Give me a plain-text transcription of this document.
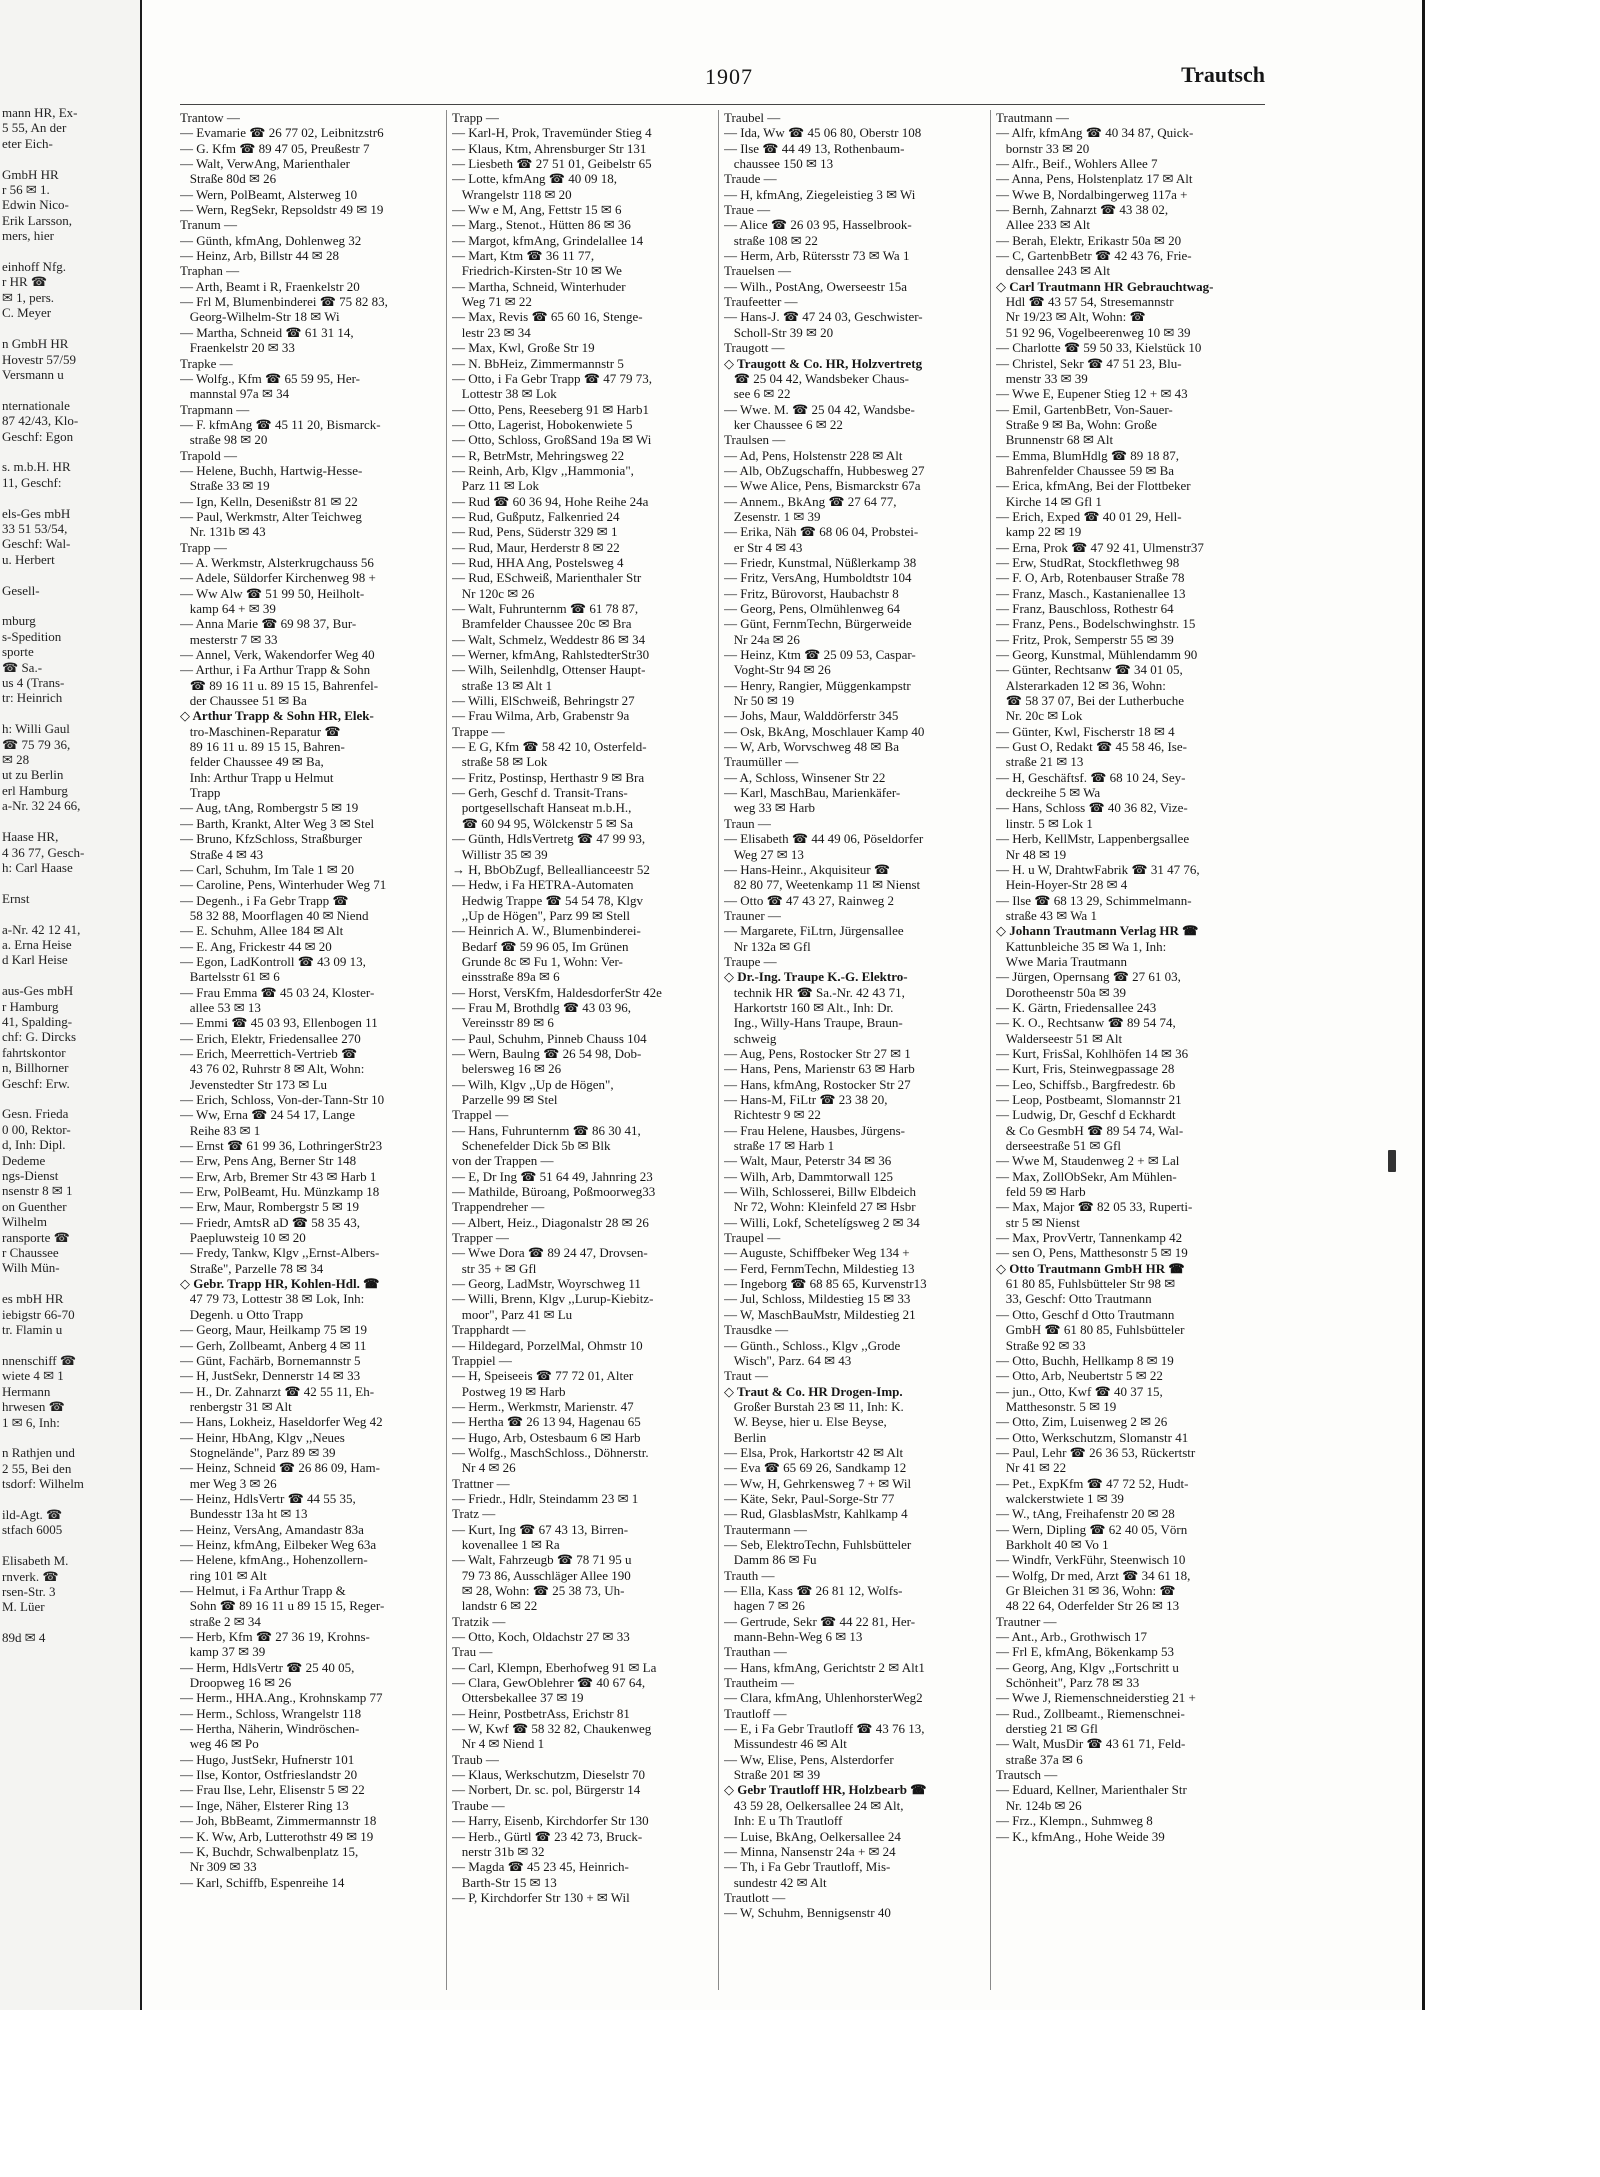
mann HR, Ex-
5 55, An der
eter Eich-

GmbH HR
r 56 ✉ 1.
Edwin Nico-
Erik Larsson,
mers, hier

einhoff Nfg.
r HR ☎
✉ 1, pers.
C. Meyer

n GmbH HR
Hovestr 57/59
Versmann u

nternationale
87 42/43, Klo-
Geschf: Egon

s. m.b.H. HR
11, Geschf:

els-Ges mbH
33 51 53/54,
Geschf: Wal-
u. Herbert

Gesell-

mburg
s-Spedition
sporte
☎ Sa.-
us 4 (Trans-
tr: Heinrich

h: Willi Gaul
☎ 75 79 36,
✉ 28
ut zu Berlin
erl Hamburg
a-Nr. 32 24 66,

Haase HR,
4 36 77, Gesch-
h: Carl Haase

Ernst

a-Nr. 42 12 41,
a. Erna Heise
d Karl Heise

aus-Ges mbH
r Hamburg
41, Spalding-
chf: G. Dircks
fahrtskontor
n, Billhorner
Geschf: Erw.

Gesn. Frieda
0 00, Rektor-
d, Inh: Dipl.
Dedeme
ngs-Dienst
nsenstr 8 ✉ 1
on Guenther
Wilhelm
ransporte ☎
r Chaussee
Wilh Mün-

es mbH HR
iebigstr 66-70
tr. Flamin u

nnenschiff ☎
wiete 4 ✉ 1
Hermann
hrwesen ☎
1 ✉ 6, Inh:

n Rathjen und
2 55, Bei den
tsdorf: Wilhelm

ild-Agt. ☎
stfach 6005

Elisabeth M.
rnverk. ☎
rsen-Str. 3
M. Lüer

89d ✉ 4
1907	Trautsch
Trantow —
— Evamarie ☎ 26 77 02, Leibnitzstr6
— G. Kfm ☎ 89 47 05, Preußestr 7
— Walt, VerwAng, Marienthaler
Straße 80d ✉ 26
— Wern, PolBeamt, Alsterweg 10
— Wern, RegSekr, Repsoldstr 49 ✉ 19
Tranum —
— Günth, kfmAng, Dohlenweg 32
— Heinz, Arb, Billstr 44 ✉ 28
Traphan —
— Arth, Beamt i R, Fraenkelstr 20
— Frl M, Blumenbinderei ☎ 75 82 83,
Georg-Wilhelm-Str 18 ✉ Wi
— Martha, Schneid ☎ 61 31 14,
Fraenkelstr 20 ✉ 33
Trapke —
— Wolfg., Kfm ☎ 65 59 95, Her-
mannstal 97a ✉ 34
Trapmann —
— F. kfmAng ☎ 45 11 20, Bismarck-
straße 98 ✉ 20
Trapold —
— Helene, Buchh, Hartwig-Hesse-
Straße 33 ✉ 19
— Ign, Kelln, Desenißstr 81 ✉ 22
— Paul, Werkmstr, Alter Teichweg
Nr. 131b ✉ 43
Trapp —
— A. Werkmstr, Alsterkrugchauss 56
— Adele, Süldorfer Kirchenweg 98 +
— Ww Alw ☎ 51 99 50, Heilholt-
kamp 64 + ✉ 39
— Anna Marie ☎ 69 98 37, Bur-
mesterstr 7 ✉ 33
— Annel, Verk, Wakendorfer Weg 40
— Arthur, i Fa Arthur Trapp & Sohn
☎ 89 16 11 u. 89 15 15, Bahrenfel-
der Chaussee 51 ✉ Ba
◇ Arthur Trapp & Sohn HR, Elek-
tro-Maschinen-Reparatur ☎
89 16 11 u. 89 15 15, Bahren-
felder Chaussee 49 ✉ Ba,
Inh: Arthur Trapp u Helmut
Trapp
— Aug, tAng, Rombergstr 5 ✉ 19
— Barth, Krankt, Alter Weg 3 ✉ Stel
— Bruno, KfzSchloss, Straßburger
Straße 4 ✉ 43
— Carl, Schuhm, Im Tale 1 ✉ 20
— Caroline, Pens, Winterhuder Weg 71
— Degenh., i Fa Gebr Trapp ☎
58 32 88, Moorflagen 40 ✉ Niend
— E. Schuhm, Allee 184 ✉ Alt
— E. Ang, Frickestr 44 ✉ 20
— Egon, LadKontroll ☎ 43 09 13,
Bartelsstr 61 ✉ 6
— Frau Emma ☎ 45 03 24, Kloster-
allee 53 ✉ 13
— Emmi ☎ 45 03 93, Ellenbogen 11
— Erich, Elektr, Friedensallee 270
— Erich, Meerrettich-Vertrieb ☎
43 76 02, Ruhrstr 8 ✉ Alt, Wohn:
Jevenstedter Str 173 ✉ Lu
— Erich, Schloss, Von-der-Tann-Str 10
— Ww, Erna ☎ 24 54 17, Lange
Reihe 83 ✉ 1
— Ernst ☎ 61 99 36, LothringerStr23
— Erw, Pens Ang, Berner Str 148
— Erw, Arb, Bremer Str 43 ✉ Harb 1
— Erw, PolBeamt, Hu. Münzkamp 18
— Erw, Maur, Rombergstr 5 ✉ 19
— Friedr, AmtsR aD ☎ 58 35 43,
Paepluwsteig 10 ✉ 20
— Fredy, Tankw, Klgv ,,Ernst-Albers-
Straße", Parzelle 78 ✉ 34
◇ Gebr. Trapp HR, Kohlen-Hdl. ☎
47 79 73, Lottestr 38 ✉ Lok, Inh:
Degenh. u Otto Trapp
— Georg, Maur, Heilkamp 75 ✉ 19
— Gerh, Zollbeamt, Anberg 4 ✉ 11
— Günt, Fachärb, Bornemannstr 5
— H, JustSekr, Dennerstr 14 ✉ 33
— H., Dr. Zahnarzt ☎ 42 55 11, Eh-
renbergstr 31 ✉ Alt
— Hans, Lokheiz, Haseldorfer Weg 42
— Heinr, HbAng, Klgv ,,Neues
Stognelände", Parz 89 ✉ 39
— Heinz, Schneid ☎ 26 86 09, Ham-
mer Weg 3 ✉ 26
— Heinz, HdlsVertr ☎ 44 55 35,
Bundesstr 13a ht ✉ 13
— Heinz, VersAng, Amandastr 83a
— Heinz, kfmAng, Eilbeker Weg 63a
— Helene, kfmAng., Hohenzollern-
ring 101 ✉ Alt
— Helmut, i Fa Arthur Trapp &
Sohn ☎ 89 16 11 u 89 15 15, Reger-
straße 2 ✉ 34
— Herb, Kfm ☎ 27 36 19, Krohns-
kamp 37 ✉ 39
— Herm, HdlsVertr ☎ 25 40 05,
Droopweg 16 ✉ 26
— Herm., HHA.Ang., Krohnskamp 77
— Herm., Schloss, Wrangelstr 118
— Hertha, Näherin, Windröschen-
weg 46 ✉ Po
— Hugo, JustSekr, Hufnerstr 101
— Ilse, Kontor, Ostfrieslandstr 20
— Frau Ilse, Lehr, Elisenstr 5 ✉ 22
— Inge, Näher, Elsterer Ring 13
— Joh, BbBeamt, Zimmermannstr 18
— K. Ww, Arb, Lutterothstr 49 ✉ 19
— K, Buchdr, Schwalbenplatz 15,
Nr 309 ✉ 33
— Karl, Schiffb, Espenreihe 14
Trapp —
— Karl-H, Prok, Travemünder Stieg 4
— Klaus, Ktm, Ahrensburger Str 131
— Liesbeth ☎ 27 51 01, Geibelstr 65
— Lotte, kfmAng ☎ 40 09 18,
Wrangelstr 118 ✉ 20
— Ww e M, Ang, Fettstr 15 ✉ 6
— Marg., Stenot., Hütten 86 ✉ 36
— Margot, kfmAng, Grindelallee 14
— Mart, Ktm ☎ 36 11 77,
Friedrich-Kirsten-Str 10 ✉ We
— Martha, Schneid, Winterhuder
Weg 71 ✉ 22
— Max, Revis ☎ 65 60 16, Stenge-
lestr 23 ✉ 34
— Max, Kwl, Große Str 19
— N. BbHeiz, Zimmermannstr 5
— Otto, i Fa Gebr Trapp ☎ 47 79 73,
Lottestr 38 ✉ Lok
— Otto, Pens, Reeseberg 91 ✉ Harb1
— Otto, Lagerist, Hobokenwiete 5
— Otto, Schloss, GroßSand 19a ✉ Wi
— R, BetrMstr, Mehringsweg 22
— Reinh, Arb, Klgv ,,Hammonia",
Parz 11 ✉ Lok
— Rud ☎ 60 36 94, Hohe Reihe 24a
— Rud, Gußputz, Falkenried 24
— Rud, Pens, Süderstr 329 ✉ 1
— Rud, Maur, Herderstr 8 ✉ 22
— Rud, HHA Ang, Postelsweg 4
— Rud, ESchweiß, Marienthaler Str
Nr 120c ✉ 26
— Walt, Fuhrunternm ☎ 61 78 87,
Bramfelder Chaussee 20c ✉ Bra
— Walt, Schmelz, Weddestr 86 ✉ 34
— Werner, kfmAng, RahlstedterStr30
— Wilh, Seilenhdlg, Ottenser Haupt-
straße 13 ✉ Alt 1
— Willi, ElSchweiß, Behringstr 27
— Frau Wilma, Arb, Grabenstr 9a
Trappe —
— E G, Kfm ☎ 58 42 10, Osterfeld-
straße 58 ✉ Lok
— Fritz, Postinsp, Herthastr 9 ✉ Bra
— Gerh, Geschf d. Transit-Trans-
portgesellschaft Hanseat m.b.H.,
☎ 60 94 95, Wölckenstr 5 ✉ Sa
— Günth, HdlsVertretg ☎ 47 99 93,
Willistr 35 ✉ 39
→ H, BbObZugf, Belleallianceestr 52
— Hedw, i Fa HETRA-Automaten
Hedwig Trappe ☎ 54 54 78, Klgv
,,Up de Högen", Parz 99 ✉ Stell
— Heinrich A. W., Blumenbinderei-
Bedarf ☎ 59 96 05, Im Grünen
Grunde 8c ✉ Fu 1, Wohn: Ver-
einsstraße 89a ✉ 6
— Horst, VersKfm, HaldesdorferStr 42e
— Frau M, Brothdlg ☎ 43 03 96,
Vereinsstr 89 ✉ 6
— Paul, Schuhm, Pinneb Chauss 104
— Wern, Baulng ☎ 26 54 98, Dob-
belersweg 16 ✉ 26
— Wilh, Klgv ,,Up de Högen",
Parzelle 99 ✉ Stel
Trappel —
— Hans, Fuhrunternm ☎ 86 30 41,
Schenefelder Dick 5b ✉ Blk
von der Trappen —
— E, Dr Ing ☎ 51 64 49, Jahnring 23
— Mathilde, Büroang, Poßmoorweg33
Trappendreher —
— Albert, Heiz., Diagonalstr 28 ✉ 26
Trapper —
— Wwe Dora ☎ 89 24 47, Drovsen-
str 35 + ✉ Gfl
— Georg, LadMstr, Woyrschweg 11
— Willi, Brenn, Klgv ,,Lurup-Kiebitz-
moor", Parz 41 ✉ Lu
Trapphardt —
— Hildegard, PorzelMal, Ohmstr 10
Trappiel —
— H, Speiseeis ☎ 77 72 01, Alter
Postweg 19 ✉ Harb
— Herm., Werkmstr, Marienstr. 47
— Hertha ☎ 26 13 94, Hagenau 65
— Hugo, Arb, Ostesbaum 6 ✉ Harb
— Wolfg., MaschSchloss., Döhnerstr.
Nr 4 ✉ 26
Trattner —
— Friedr., Hdlr, Steindamm 23 ✉ 1
Tratz —
— Kurt, Ing ☎ 67 43 13, Birren-
kovenallee 1 ✉ Ra
— Walt, Fahrzeugb ☎ 78 71 95 u
79 73 86, Ausschläger Allee 190
✉ 28, Wohn: ☎ 25 38 73, Uh-
landstr 6 ✉ 22
Tratzik —
— Otto, Koch, Oldachstr 27 ✉ 33
Trau —
— Carl, Klempn, Eberhofweg 91 ✉ La
— Clara, GewOblehrer ☎ 40 67 64,
Ottersbekallee 37 ✉ 19
— Heinr, PostbetrAss, Erichstr 81
— W, Kwf ☎ 58 32 82, Chaukenweg
Nr 4 ✉ Niend 1
Traub —
— Klaus, Werkschutzm, Dieselstr 70
— Norbert, Dr. sc. pol, Bürgerstr 14
Traube —
— Harry, Eisenb, Kirchdorfer Str 130
— Herb., Gürtl ☎ 23 42 73, Bruck-
nerstr 31b ✉ 32
— Magda ☎ 45 23 45, Heinrich-
Barth-Str 15 ✉ 13
— P, Kirchdorfer Str 130 + ✉ Wil
Traubel —
— Ida, Ww ☎ 45 06 80, Oberstr 108
— Ilse ☎ 44 49 13, Rothenbaum-
chaussee 150 ✉ 13
Traude —
— H, kfmAng, Ziegeleistieg 3 ✉ Wi
Traue —
— Alice ☎ 26 03 95, Hasselbrook-
straße 108 ✉ 22
— Herm, Arb, Rütersstr 73 ✉ Wa 1
Trauelsen —
— Wilh., PostAng, Owerseestr 15a
Traufeetter —
— Hans-J. ☎ 47 24 03, Geschwister-
Scholl-Str 39 ✉ 20
Traugott —
◇ Traugott & Co. HR, Holzvertretg
☎ 25 04 42, Wandsbeker Chaus-
see 6 ✉ 22
— Wwe. M. ☎ 25 04 42, Wandsbe-
ker Chaussee 6 ✉ 22
Traulsen —
— Ad, Pens, Holstenstr 228 ✉ Alt
— Alb, ObZugschaffn, Hubbesweg 27
— Wwe Alice, Pens, Bismarckstr 67a
— Annem., BkAng ☎ 27 64 77,
Zesenstr. 1 ✉ 39
— Erika, Näh ☎ 68 06 04, Probstei-
er Str 4 ✉ 43
— Friedr, Kunstmal, Nüßlerkamp 38
— Fritz, VersAng, Humboldtstr 104
— Fritz, Bürovorst, Haubachstr 8
— Georg, Pens, Olmühlenweg 64
— Günt, FernmTechn, Bürgerweide
Nr 24a ✉ 26
— Heinz, Ktm ☎ 25 09 53, Caspar-
Voght-Str 94 ✉ 26
— Henry, Rangier, Müggenkampstr
Nr 50 ✉ 19
— Johs, Maur, Walddörferstr 345
— Osk, BkAng, Moschlauer Kamp 40
— W, Arb, Worvschweg 48 ✉ Ba
Traumüller —
— A, Schloss, Winsener Str 22
— Karl, MaschBau, Marienkäfer-
weg 33 ✉ Harb
Traun —
— Elisabeth ☎ 44 49 06, Pöseldorfer
Weg 27 ✉ 13
— Hans-Heinr., Akquisiteur ☎
82 80 77, Weetenkamp 11 ✉ Nienst
— Otto ☎ 47 43 27, Rainweg 2
Trauner —
— Margarete, FiLtrn, Jürgensallee
Nr 132a ✉ Gfl
Traupe —
◇ Dr.-Ing. Traupe K.-G. Elektro-
technik HR ☎ Sa.-Nr. 42 43 71,
Harkortstr 160 ✉ Alt., Inh: Dr.
Ing., Willy-Hans Traupe, Braun-
schweig
— Aug, Pens, Rostocker Str 27 ✉ 1
— Hans, Pens, Marienstr 63 ✉ Harb
— Hans, kfmAng, Rostocker Str 27
— Hans-M, FiLtr ☎ 23 38 20,
Richtestr 9 ✉ 22
— Frau Helene, Hausbes, Jürgens-
straße 17 ✉ Harb 1
— Walt, Maur, Peterstr 34 ✉ 36
— Wilh, Arb, Dammtorwall 125
— Wilh, Schlosserei, Billw Elbdeich
Nr 72, Wohn: Kleinfeld 27 ✉ Hsbr
— Willi, Lokf, Schetelígsweg 2 ✉ 34
Traupel —
— Auguste, Schiffbeker Weg 134 +
— Ferd, FernmTechn, Mildestieg 13
— Ingeborg ☎ 68 85 65, Kurvenstr13
— Jul, Schloss, Mildestieg 15 ✉ 33
— W, MaschBauMstr, Mildestieg 21
Trausdke —
— Günth., Schloss., Klgv ,,Grode
Wisch", Parz. 64 ✉ 43
Traut —
◇ Traut & Co. HR Drogen-Imp.
Großer Burstah 23 ✉ 11, Inh: K.
W. Beyse, hier u. Else Beyse,
Berlin
— Elsa, Prok, Harkortstr 42 ✉ Alt
— Eva ☎ 65 69 26, Sandkamp 12
— Ww, H, Gehrkensweg 7 + ✉ Wil
— Käte, Sekr, Paul-Sorge-Str 77
— Rud, GlasblasMstr, Kahlkamp 4
Trautermann —
— Seb, ElektroTechn, Fuhlsbütteler
Damm 86 ✉ Fu
Trauth —
— Ella, Kass ☎ 26 81 12, Wolfs-
hagen 7 ✉ 26
— Gertrude, Sekr ☎ 44 22 81, Her-
mann-Behn-Weg 6 ✉ 13
Trauthan —
— Hans, kfmAng, Gerichtstr 2 ✉ Alt1
Trautheim —
— Clara, kfmAng, UhlenhorsterWeg2
Trautloff —
— E, i Fa Gebr Trautloff ☎ 43 76 13,
Missundestr 46 ✉ Alt
— Ww, Elise, Pens, Alsterdorfer
Straße 201 ✉ 39
◇ Gebr Trautloff HR, Holzbearb ☎
43 59 28, Oelkersallee 24 ✉ Alt,
Inh: E u Th Trautloff
— Luise, BkAng, Oelkersallee 24
— Minna, Nansenstr 24a + ✉ 24
— Th, i Fa Gebr Trautloff, Mis-
sundestr 42 ✉ Alt
Trautlott —
— W, Schuhm, Bennigsenstr 40
Trautmann —
— Alfr, kfmAng ☎ 40 34 87, Quick-
bornstr 33 ✉ 20
— Alfr., Beif., Wohlers Allee 7
— Anna, Pens, Holstenplatz 17 ✉ Alt
— Wwe B, Nordalbingerweg 117a +
— Bernh, Zahnarzt ☎ 43 38 02,
Allee 233 ✉ Alt
— Berah, Elektr, Erikastr 50a ✉ 20
— C, GartenbBetr ☎ 42 43 76, Frie-
densallee 243 ✉ Alt
◇ Carl Trautmann HR Gebrauchtwag-
Hdl ☎ 43 57 54, Stresemannstr
Nr 19/23 ✉ Alt, Wohn: ☎
51 92 96, Vogelbeerenweg 10 ✉ 39
— Charlotte ☎ 59 50 33, Kielstück 10
— Christel, Sekr ☎ 47 51 23, Blu-
menstr 33 ✉ 39
— Wwe E, Eupener Stieg 12 + ✉ 43
— Emil, GartenbBetr, Von-Sauer-
Straße 9 ✉ Ba, Wohn: Große
Brunnenstr 68 ✉ Alt
— Emma, BlumHdlg ☎ 89 18 87,
Bahrenfelder Chaussee 59 ✉ Ba
— Erica, kfmAng, Bei der Flottbeker
Kirche 14 ✉ Gfl 1
— Erich, Exped ☎ 40 01 29, Hell-
kamp 22 ✉ 19
— Erna, Prok ☎ 47 92 41, Ulmenstr37
— Erw, StudRat, Stockflethweg 98
— F. O, Arb, Rotenbauser Straße 78
— Franz, Masch., Kastanienallee 13
— Franz, Bauschloss, Rothestr 64
— Franz, Pens., Bodelschwinghstr. 15
— Fritz, Prok, Semperstr 55 ✉ 39
— Georg, Kunstmal, Mühlendamm 90
— Günter, Rechtsanw ☎ 34 01 05,
Alsterarkaden 12 ✉ 36, Wohn:
☎ 58 37 07, Bei der Lutherbuche
Nr. 20c ✉ Lok
— Günter, Kwl, Fischerstr 18 ✉ 4
— Gust O, Redakt ☎ 45 58 46, Ise-
straße 21 ✉ 13
— H, Geschäftsf. ☎ 68 10 24, Sey-
deckreihe 5 ✉ Wa
— Hans, Schloss ☎ 40 36 82, Vize-
linstr. 5 ✉ Lok 1
— Herb, KellMstr, Lappenbergsallee
Nr 48 ✉ 19
— H. u W, DrahtwFabrik ☎ 31 47 76,
Hein-Hoyer-Str 28 ✉ 4
— Ilse ☎ 68 13 29, Schimmelmann-
straße 43 ✉ Wa 1
◇ Johann Trautmann Verlag HR ☎
Kattunbleiche 35 ✉ Wa 1, Inh:
Wwe Maria Trautmann
— Jürgen, Opernsang ☎ 27 61 03,
Dorotheenstr 50a ✉ 39
— K. Gärtn, Friedensallee 243
— K. O., Rechtsanw ☎ 89 54 74,
Walderseestr 51 ✉ Alt
— Kurt, FrisSal, Kohlhöfen 14 ✉ 36
— Kurt, Fris, Steinwegpassage 28
— Leo, Schiffsb., Bargfredestr. 6b
— Leop, Postbeamt, Slomannstr 21
— Ludwig, Dr, Geschf d Eckhardt
& Co GesmbH ☎ 89 54 74, Wal-
derseestraße 51 ✉ Gfl
— Wwe M, Staudenweg 2 + ✉ Lal
— Max, ZollObSekr, Am Mühlen-
feld 59 ✉ Harb
— Max, Major ☎ 82 05 33, Ruperti-
str 5 ✉ Nienst
— Max, ProvVertr, Tannenkamp 42
— sen O, Pens, Matthesonstr 5 ✉ 19
◇ Otto Trautmann GmbH HR ☎
61 80 85, Fuhlsbütteler Str 98 ✉
33, Geschf: Otto Trautmann
— Otto, Geschf d Otto Trautmann
GmbH ☎ 61 80 85, Fuhlsbütteler
Straße 92 ✉ 33
— Otto, Buchh, Hellkamp 8 ✉ 19
— Otto, Arb, Neubertstr 5 ✉ 22
— jun., Otto, Kwf ☎ 40 37 15,
Matthesonstr. 5 ✉ 19
— Otto, Zim, Luisenweg 2 ✉ 26
— Otto, Werkschutzm, Slomanstr 41
— Paul, Lehr ☎ 26 36 53, Rückertstr
Nr 41 ✉ 22
— Pet., ExpKfm ☎ 47 72 52, Hudt-
walckerstwiete 1 ✉ 39
— W., tAng, Freihafenstr 20 ✉ 28
— Wern, Dipling ☎ 62 40 05, Vörn
Barkholt 40 ✉ Vo 1
— Windfr, VerkFühr, Steenwisch 10
— Wolfg, Dr med, Arzt ☎ 34 61 18,
Gr Bleichen 31 ✉ 36, Wohn: ☎
48 22 64, Oderfelder Str 26 ✉ 13
Trautner —
— Ant., Arb., Grothwisch 17
— Frl E, kfmAng, Bökenkamp 53
— Georg, Ang, Klgv ,,Fortschritt u
Schönheit", Parz 78 ✉ 33
— Wwe J, Riemenschneiderstieg 21 +
— Rud., Zollbeamt., Riemenschnei-
derstieg 21 ✉ Gfl
— Walt, MusDir ☎ 43 61 71, Feld-
straße 37a ✉ 6
Trautsch —
— Eduard, Kellner, Marienthaler Str
Nr. 124b ✉ 26
— Frz., Klempn., Suhmweg 8
— K., kfmAng., Hohe Weide 39
